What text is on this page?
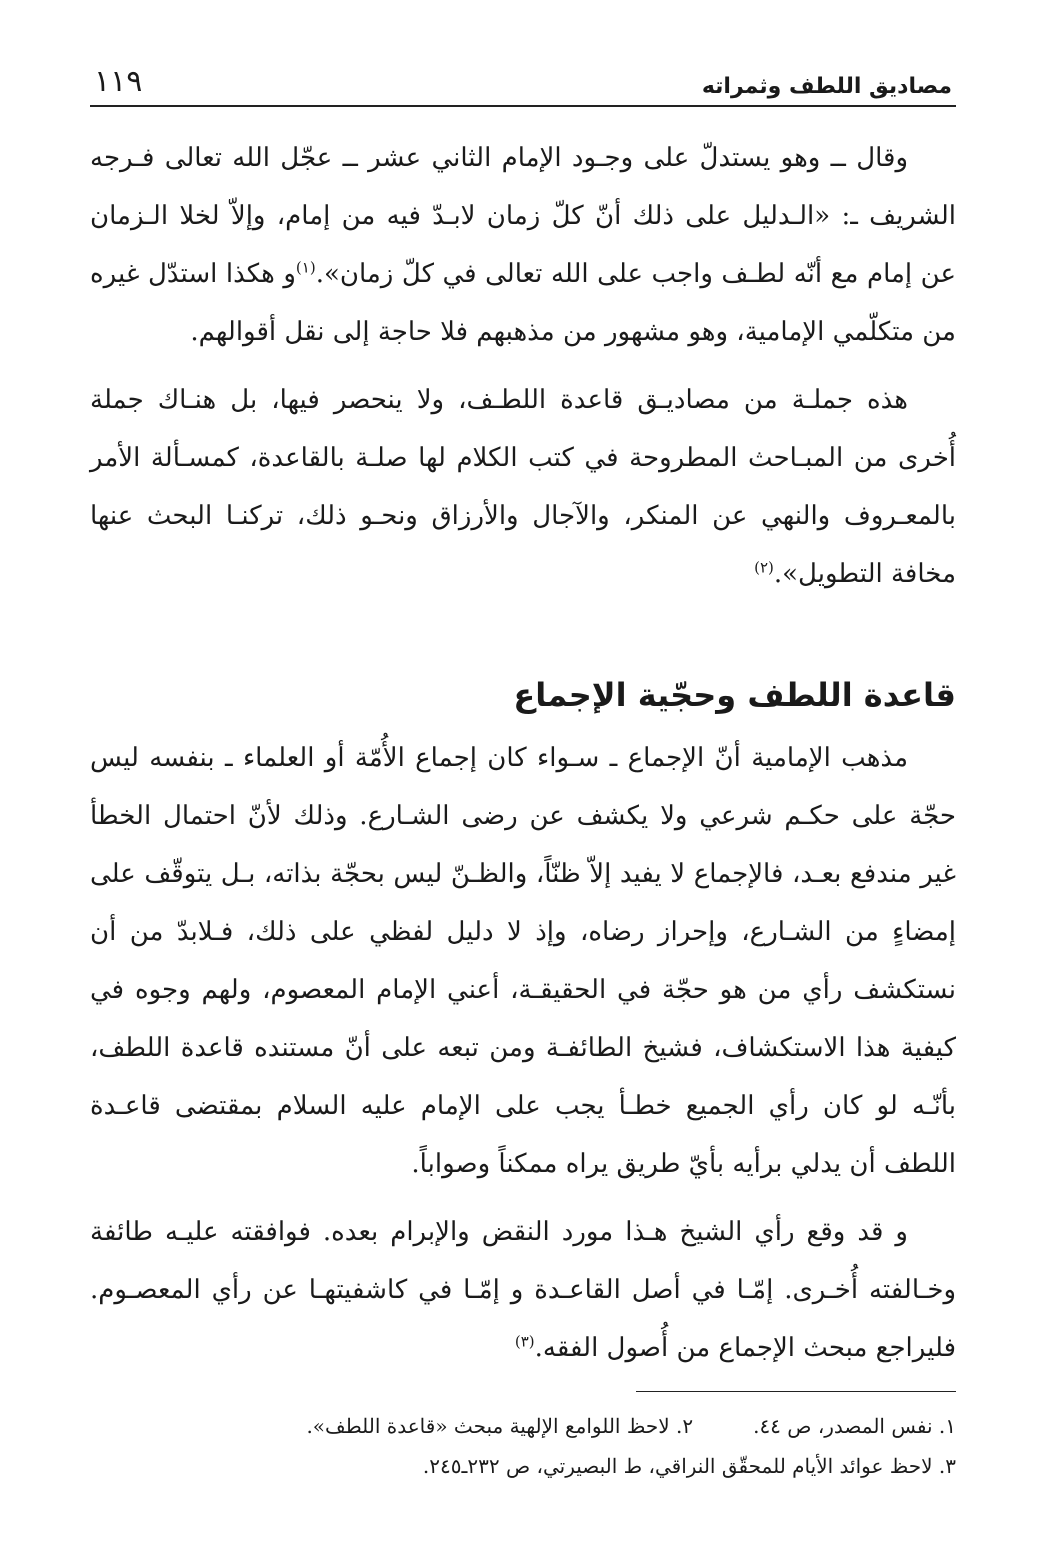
مصاديق اللطف وثمراته
١١٩

وقال ــ وهو يستدلّ على وجـود الإمام الثاني عشر ــ عجّل الله تعالى فـرجه الشريف ـ: «الـدليل على ذلك أنّ كلّ زمان لابـدّ فيه من إمام، وإلاّ لخلا الـزمان عن إمام مع أنّه لطـف واجب على الله تعالى في كلّ زمان».$^{(١)}$و هكذا استدّل غيره من متكلّمي الإمامية، وهو مشهور من مذهبهم فلا حاجة إلى نقل أقوالهم.

هذه جملـة من مصاديـق قاعدة اللطـف، ولا ينحصر فيها، بل هنـاك جملة أُخرى من المبـاحث المطروحة في كتب الكلام لها صلـة بالقاعدة، كمسـألة الأمر بالمعـروف والنهي عن المنكر، والآجال والأرزاق ونحـو ذلك، تركنـا البحث عنها مخافة التطويل».$^{(٢)}$

قاعدة اللطف وحجّية الإجماع

مذهب الإمامية أنّ الإجماع ـ سـواء كان إجماع الأُمّة أو العلماء ـ بنفسه ليس حجّة على حكـم شرعي ولا يكشف عن رضى الشـارع. وذلك لأنّ احتمال الخطأ غير مندفع بعـد، فالإجماع لا يفيد إلاّ ظنّاً، والظـنّ ليس بحجّة بذاته، بـل يتوقّف على إمضاءٍ من الشـارع، وإحراز رضاه، وإذ لا دليل لفظي على ذلك، فـلابدّ من أن نستكشف رأي من هو حجّة في الحقيقـة، أعني الإمام المعصوم، ولهم وجوه في كيفية هذا الاستكشاف، فشيخ الطائفـة ومن تبعه على أنّ مستنده قاعدة اللطف، بأنّـه لو كان رأي الجميع خطـأ يجب على الإمام عليه السلام بمقتضى قاعـدة اللطف أن يدلي برأيه بأيّ طريق يراه ممكناً وصواباً.

و قد وقع رأي الشيخ هـذا مورد النقض والإبرام بعده. فوافقته عليـه طائفة وخـالفته أُخـرى. إمّـا في أصل القاعـدة و إمّـا في كاشفيتهـا عن رأي المعصـوم. فليراجع مبحث الإجماع من أُصول الفقه.$^{(٣)}$

١. نفس المصدر، ص ٤٤.
٢. لاحظ اللوامع الإلهية مبحث «قاعدة اللطف».
٣. لاحظ عوائد الأيام للمحقّق النراقي، ط البصيرتي، ص ٢٣٢ـ٢٤٥.
